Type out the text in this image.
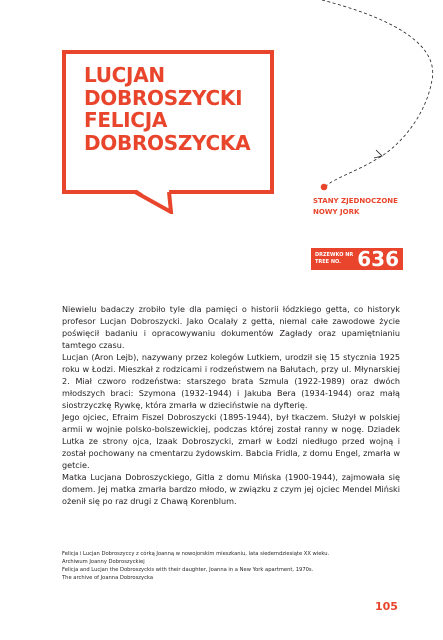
LUCJAN
DOBROSZYCKI
FELICJA
DOBROSZYCKA
STANY ZJEDNOCZONE
NOWY JORK
DRZEWKO NR
TREE NO. 636

Niewielu badaczy zrobiło tyle dla pamięci o historii łódzkiego getta, co historyk profesor Lucjan Dobroszycki. Jako Ocalały z getta, niemal całe zawodowe życie poświęcił badaniu i opracowywaniu dokumentów Zagłady oraz upamiętnianiu tamtego czasu.

Lucjan (Aron Lejb), nazywany przez kolegów Lutkiem, urodził się 15 stycznia 1925 roku w Łodzi. Mieszkał z rodzicami i rodzeństwem na Bałutach, przy ul. Młynarskiej 2. Miał czworo rodzeństwa: starszego brata Szmula (1922-1989) oraz dwóch młodszych braci: Szymona (1932-1944) i Jakuba Bera (1934-1944) oraz małą siostrzyczkę Rywkę, która zmarła w dzieciństwie na dyfterię.

Jego ojciec, Efraim Fiszel Dobroszycki (1895-1944), był tkaczem. Służył w polskiej armii w wojnie polsko-bolszewickiej, podczas której został ranny w nogę. Dziadek Lutka ze strony ojca, Izaak Dobroszycki, zmarł w Łodzi niedługo przed wojną i został pochowany na cmentarzu żydowskim. Babcia Fridla, z domu Engel, zmarła w getcie.

Matka Lucjana Dobroszyckiego, Gitla z domu Mińska (1900-1944), zajmowała się domem. Jej matka zmarła bardzo młodo, w związku z czym jej ojciec Mendel Miński ożenił się po raz drugi z Chawą Korenblum.

Felicja i Lucjan Dobroszyccy z córką Joanną w nowojorskim mieszkaniu, lata siedemdziesiąte XX wieku.
Archiwum Joanny Dobroszyckiej
Felicja and Lucjan the Dobroszyckis with their daughter, Joanna in a New York apartment, 1970s.
The archive of Joanna Dobroszycka
105
